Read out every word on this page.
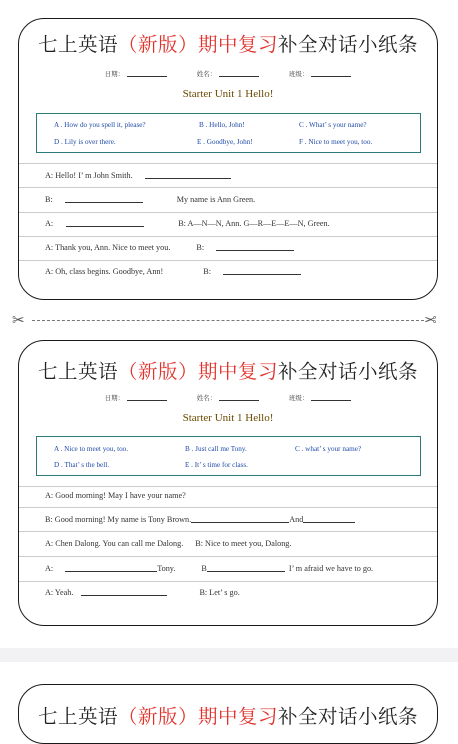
七上英语（新版）期中复习补全对话小纸条
日期：	姓名：	班级：
Starter Unit 1 Hello!
A . How do you spell it, please?	B . Hello, John!	C . What’ s your name?
D . Lily is over there.	E . Goodbye, John!	F . Nice to meet you, too.
A: Hello! I’ m John Smith.
B:	My name is Ann Green.
A:	B: A—N—N, Ann. G—R—E—E—N, Green.
A: Thank you, Ann. Nice to meet you.	B:
A: Oh, class begins. Goodbye, Ann!	B:
✂	✂
七上英语（新版）期中复习补全对话小纸条
日期：	姓名：	班级：
Starter Unit 1 Hello!
A . Nice to meet you, too.	B . Just call me Tony.	C . what’ s your name?
D . That’ s the bell.	E . It’ s time for class.
A: Good morning! May I have your name?
B: Good morning! My name is Tony Brown.	And
A: Chen Dalong. You can call me Dalong. B: Nice to meet you, Dalong.
A:	Tony.	B	I’ m afraid we have to go.
A: Yeah.	B: Let’ s go.
七上英语（新版）期中复习补全对话小纸条
